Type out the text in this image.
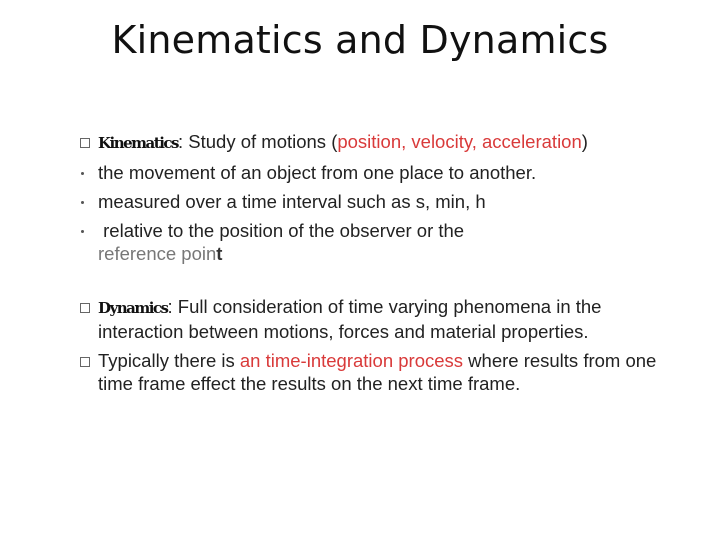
Kinematics and Dynamics
Kinematics: Study of motions (position, velocity, acceleration)
the movement of an object from one place to another.
measured over a time interval such as s, min, h
relative to the position of the observer or the
reference point
Dynamics: Full consideration of time varying phenomena in the interaction between motions, forces and material properties.
Typically there is an time-integration process where results from one time frame effect the results on the next time frame.
